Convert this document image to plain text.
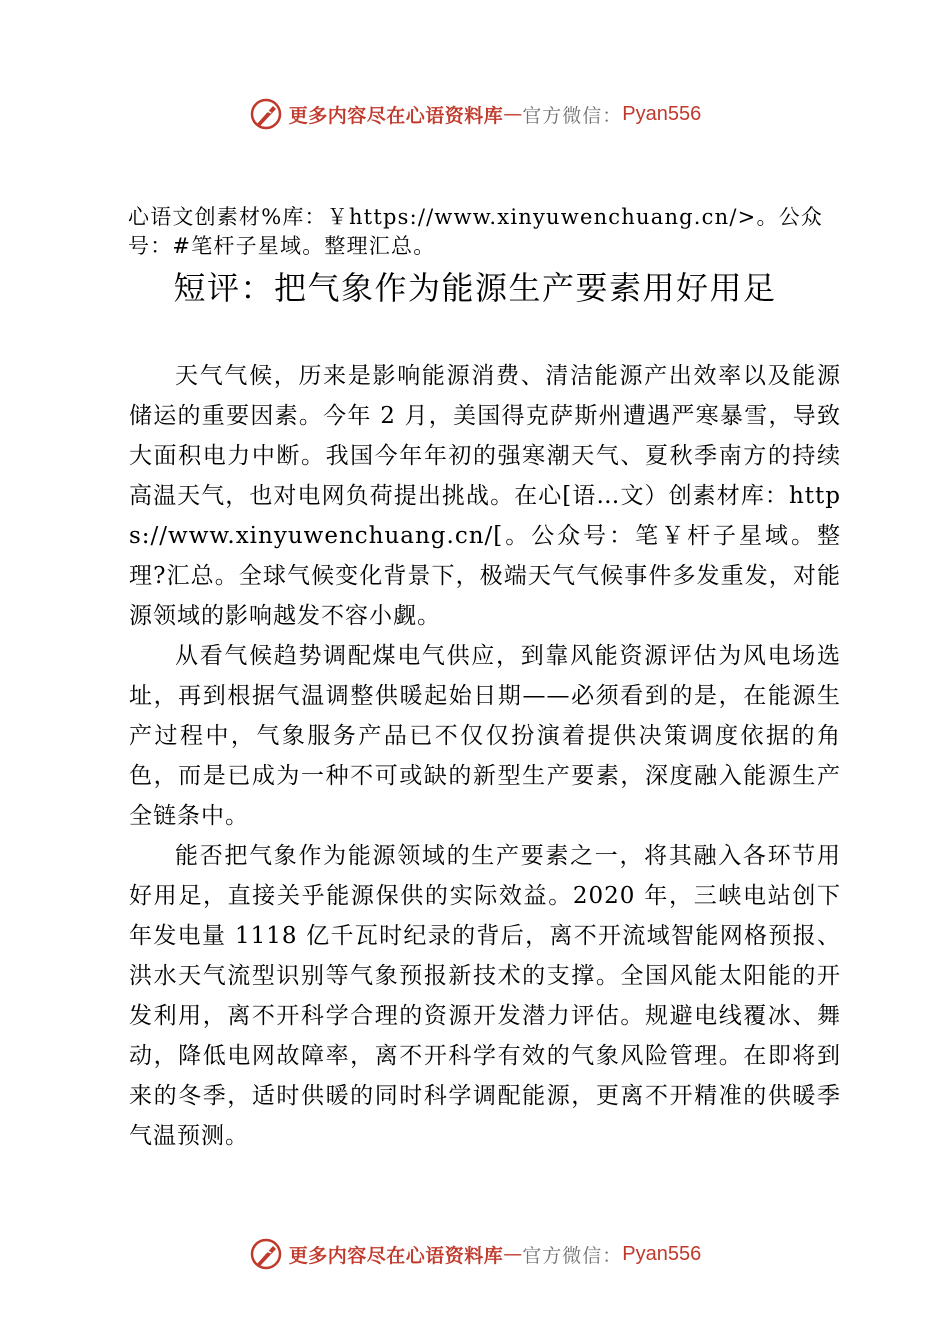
更多内容尽在心语资料库 — 官方微信： Pyan556
心语文创素材%库：￥https://www.xinyuwenchuang.cn/>。公众号：#笔杆子星域。整理汇总。
短评：把气象作为能源生产要素用好用足

天气气候，历来是影响能源消费、清洁能源产出效率以及能源储运的重要因素。今年 2 月，美国得克萨斯州遭遇严寒暴雪，导致大面积电力中断。我国今年年初的强寒潮天气、夏秋季南方的持续高温天气，也对电网负荷提出挑战。在心[语…文）创素材库：https://www.xinyuwenchuang.cn/[。公众号：笔￥杆子星域。整理?汇总。全球气候变化背景下，极端天气气候事件多发重发，对能源领域的影响越发不容小觑。

从看气候趋势调配煤电气供应，到靠风能资源评估为风电场选址，再到根据气温调整供暖起始日期——必须看到的是，在能源生产过程中，气象服务产品已不仅仅扮演着提供决策调度依据的角色，而是已成为一种不可或缺的新型生产要素，深度融入能源生产全链条中。

能否把气象作为能源领域的生产要素之一，将其融入各环节用好用足，直接关乎能源保供的实际效益。2020 年，三峡电站创下年发电量 1118 亿千瓦时纪录的背后，离不开流域智能网格预报、洪水天气流型识别等气象预报新技术的支撑。全国风能太阳能的开发利用，离不开科学合理的资源开发潜力评估。规避电线覆冰、舞动，降低电网故障率，离不开科学有效的气象风险管理。在即将到来的冬季，适时供暖的同时科学调配能源，更离不开精准的供暖季气温预测。

更多内容尽在心语资料库 — 官方微信： Pyan556
